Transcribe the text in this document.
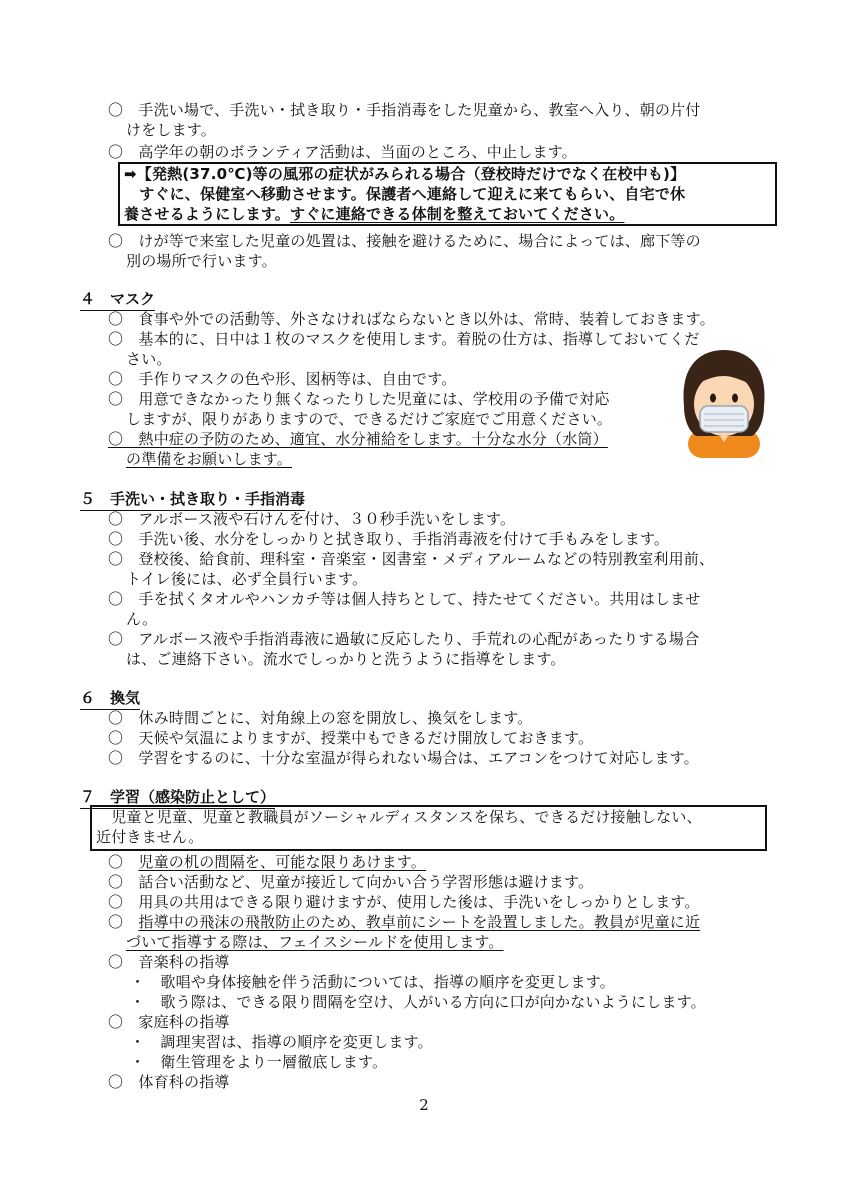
〇　手洗い場で、手洗い・拭き取り・手指消毒をした児童から、教室へ入り、朝の片付
けをします。
〇　高学年の朝のボランティア活動は、当面のところ、中止します。
➡【発熱(37.0℃)等の風邪の症状がみられる場合（登校時だけでなく在校中も)】
　すぐに、保健室へ移動させます。保護者へ連絡して迎えに来てもらい、自宅で休
養させるようにします。すぐに連絡できる体制を整えておいてください。
〇　けが等で来室した児童の処置は、接触を避けるために、場合によっては、廊下等の
別の場所で行います。
４　マスク
〇　食事や外での活動等、外さなければならないとき以外は、常時、装着しておきます。
〇　基本的に、日中は１枚のマスクを使用します。着脱の仕方は、指導しておいてくだ
さい。
〇　手作りマスクの色や形、図柄等は、自由です。
〇　用意できなかったり無くなったりした児童には、学校用の予備で対応
しますが、限りがありますので、できるだけご家庭でご用意ください。
〇　熱中症の予防のため、適宜、水分補給をします。十分な水分（水筒）
の準備をお願いします。
５　手洗い・拭き取り・手指消毒
〇　アルボース液や石けんを付け、３０秒手洗いをします。
〇　手洗い後、水分をしっかりと拭き取り、手指消毒液を付けて手もみをします。
〇　登校後、給食前、理科室・音楽室・図書室・メディアルームなどの特別教室利用前、
トイレ後には、必ず全員行います。
〇　手を拭くタオルやハンカチ等は個人持ちとして、持たせてください。共用はしませ
ん。
〇　アルボース液や手指消毒液に過敏に反応したり、手荒れの心配があったりする場合
は、ご連絡下さい。流水でしっかりと洗うように指導をします。
６　換気
〇　休み時間ごとに、対角線上の窓を開放し、換気をします。
〇　天候や気温によりますが、授業中もできるだけ開放しておきます。
〇　学習をするのに、十分な室温が得られない場合は、エアコンをつけて対応します。
７　学習（感染防止として）
　児童と児童、児童と教職員がソーシャルディスタンスを保ち、できるだけ接触しない、
近付きません。
〇　児童の机の間隔を、可能な限りあけます。
〇　話合い活動など、児童が接近して向かい合う学習形態は避けます。
〇　用具の共用はできる限り避けますが、使用した後は、手洗いをしっかりとします。
〇　指導中の飛沫の飛散防止のため、教卓前にシートを設置しました。教員が児童に近
づいて指導する際は、フェイスシールドを使用します。
〇　音楽科の指導
・　歌唱や身体接触を伴う活動については、指導の順序を変更します。
・　歌う際は、できる限り間隔を空け、人がいる方向に口が向かないようにします。
〇　家庭科の指導
・　調理実習は、指導の順序を変更します。
・　衛生管理をより一層徹底します。
〇　体育科の指導
2
